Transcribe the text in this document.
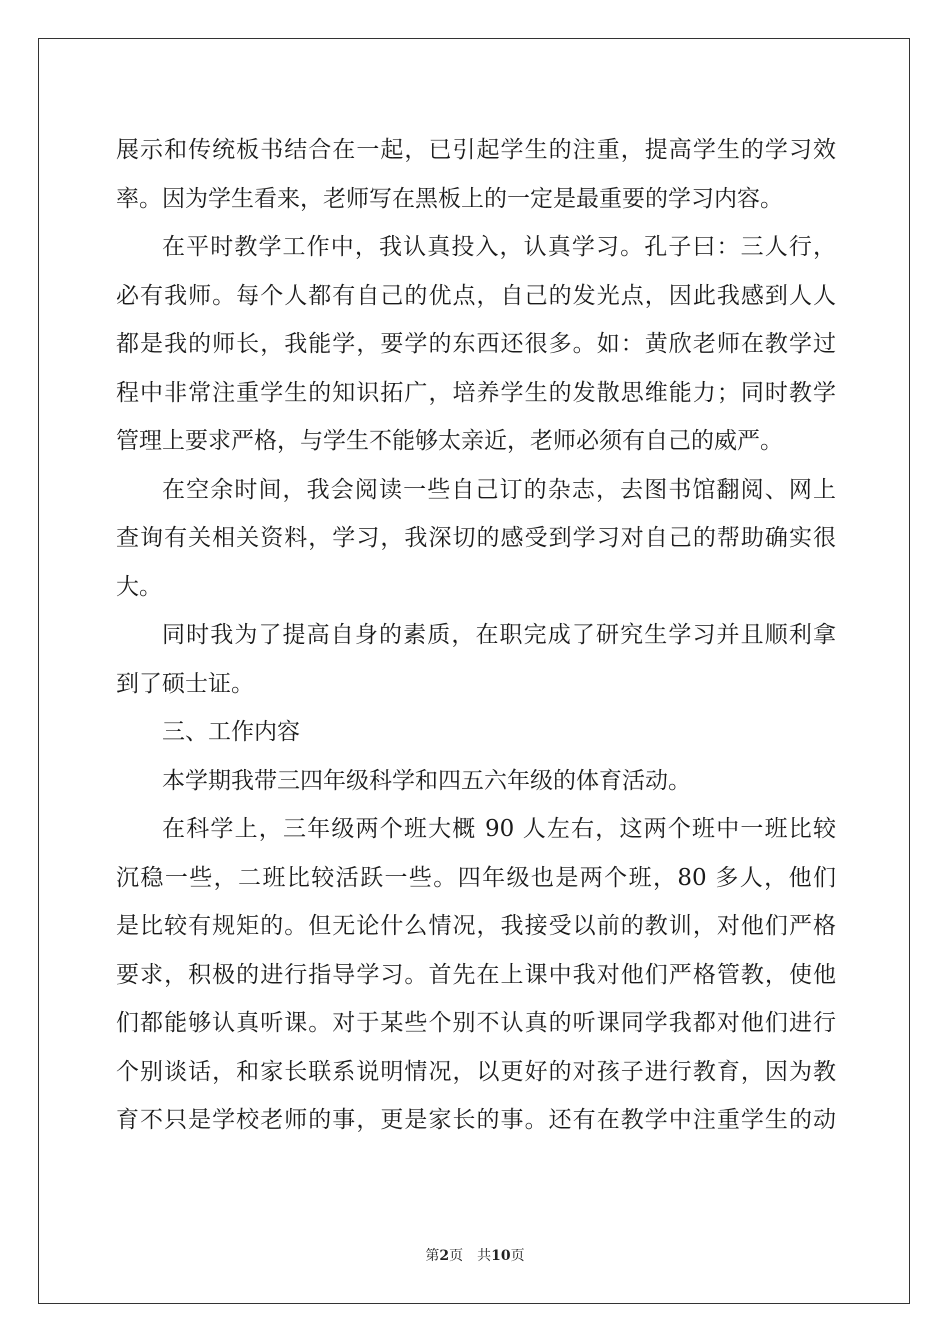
展示和传统板书结合在一起，已引起学生的注重，提高学生的学习效
率。因为学生看来，老师写在黑板上的一定是最重要的学习内容。
在平时教学工作中，我认真投入，认真学习。孔子曰：三人行，
必有我师。每个人都有自己的优点，自己的发光点，因此我感到人人
都是我的师长，我能学，要学的东西还很多。如：黄欣老师在教学过
程中非常注重学生的知识拓广，培养学生的发散思维能力；同时教学
管理上要求严格，与学生不能够太亲近，老师必须有自己的威严。
在空余时间，我会阅读一些自己订的杂志，去图书馆翻阅、网上
查询有关相关资料，学习，我深切的感受到学习对自己的帮助确实很
大。
同时我为了提高自身的素质，在职完成了研究生学习并且顺利拿
到了硕士证。
三、工作内容
本学期我带三四年级科学和四五六年级的体育活动。
在科学上，三年级两个班大概 90 人左右，这两个班中一班比较
沉稳一些，二班比较活跃一些。四年级也是两个班，80 多人，他们
是比较有规矩的。但无论什么情况，我接受以前的教训，对他们严格
要求，积极的进行指导学习。首先在上课中我对他们严格管教，使他
们都能够认真听课。对于某些个别不认真的听课同学我都对他们进行
个别谈话，和家长联系说明情况，以更好的对孩子进行教育，因为教
育不只是学校老师的事，更是家长的事。还有在教学中注重学生的动
第2页 共10页
